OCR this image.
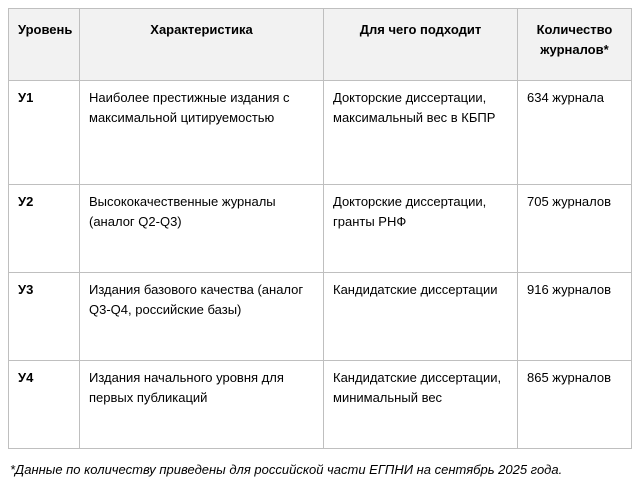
Уровень	Характеристика	Для чего подходит	Количество журналов*
У1	Наиболее престижные издания с максимальной цитируемостью	Докторские диссертации, максимальный вес в КБПР	634 журнала
У2	Высококачественные журналы (аналог Q2-Q3)	Докторские диссертации, гранты РНФ	705 журналов
У3	Издания базового качества (аналог Q3-Q4, российские базы)	Кандидатские диссертации	916 журналов
У4	Издания начального уровня для первых публикаций	Кандидатские диссертации, минимальный вес	865 журналов
*Данные по количеству приведены для российской части ЕГПНИ на сентябрь 2025 года.
